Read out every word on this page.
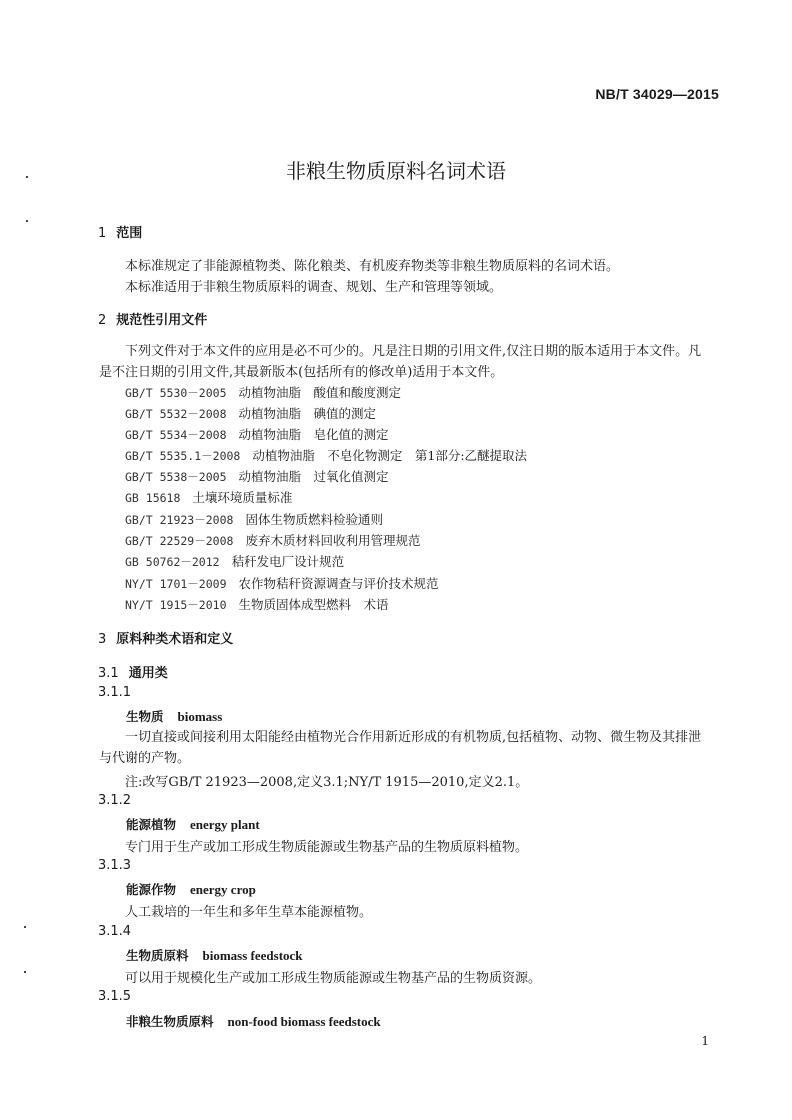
NB/T 34029—2015
非粮生物质原料名词术语
1 范围
本标准规定了非能源植物类、陈化粮类、有机废弃物类等非粮生物质原料的名词术语。
本标准适用于非粮生物质原料的调查、规划、生产和管理等领域。
2 规范性引用文件
下列文件对于本文件的应用是必不可少的。凡是注日期的引用文件,仅注日期的版本适用于本文件。凡是不注日期的引用文件,其最新版本(包括所有的修改单)适用于本文件。
GB/T 5530－2005 动植物油脂　酸值和酸度测定
GB/T 5532－2008 动植物油脂　碘值的测定
GB/T 5534－2008 动植物油脂　皂化值的测定
GB/T 5535.1－2008 动植物油脂　不皂化物测定　第1部分:乙醚提取法
GB/T 5538－2005 动植物油脂　过氧化值测定
GB 15618 土壤环境质量标准
GB/T 21923－2008 固体生物质燃料检验通则
GB/T 22529－2008 废弃木质材料回收利用管理规范
GB 50762－2012 秸秆发电厂设计规范
NY/T 1701－2009 农作物秸秆资源调查与评价技术规范
NY/T 1915－2010 生物质固体成型燃料　术语
3 原料种类术语和定义
3.1 通用类
3.1.1
生物质 biomass
一切直接或间接利用太阳能经由植物光合作用新近形成的有机物质,包括植物、动物、微生物及其排泄与代谢的产物。
注:改写GB/T 21923—2008,定义3.1;NY/T 1915—2010,定义2.1。
3.1.2
能源植物 energy plant
专门用于生产或加工形成生物质能源或生物基产品的生物质原料植物。
3.1.3
能源作物 energy crop
人工栽培的一年生和多年生草本能源植物。
3.1.4
生物质原料 biomass feedstock
可以用于规模化生产或加工形成生物质能源或生物基产品的生物质资源。
3.1.5
非粮生物质原料 non-food biomass feedstock
1
